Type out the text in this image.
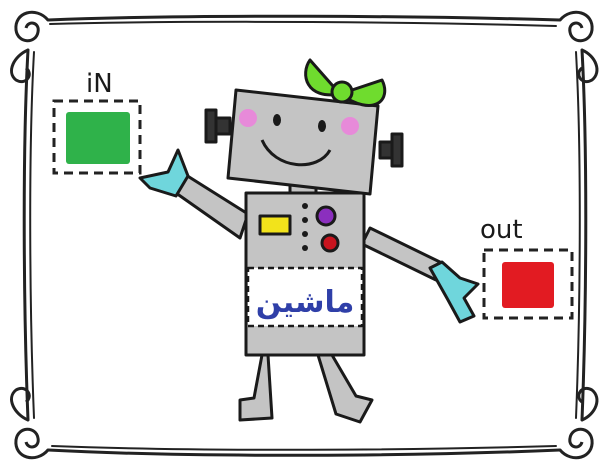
iN
out
ماشين
